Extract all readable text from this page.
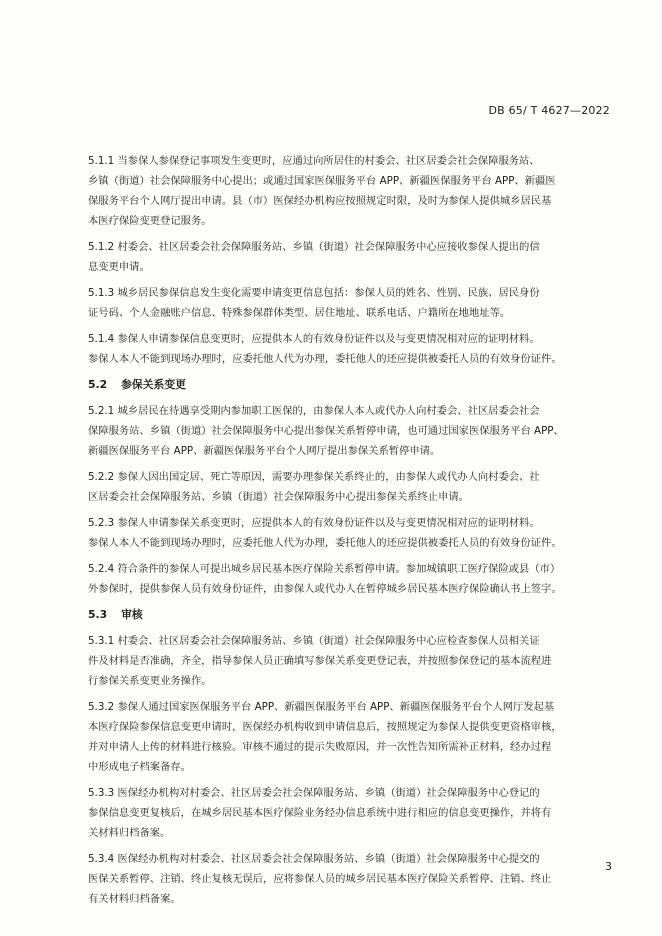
DB 65/ T 4627—2022
5.1.1 当参保人参保登记事项发生变更时，应通过向所居住的村委会、社区居委会社会保障服务站、
乡镇（街道）社会保障服务中心提出；或通过国家医保服务平台 APP、新疆医保服务平台 APP、新疆医
保服务平台个人网厅提出申请。县（市）医保经办机构应按照规定时限，及时为参保人提供城乡居民基
本医疗保险变更登记服务。
5.1.2 村委会、社区居委会社会保障服务站、乡镇（街道）社会保障服务中心应接收参保人提出的信
息变更申请。
5.1.3 城乡居民参保信息发生变化需要申请变更信息包括：参保人员的姓名、性别、民族、居民身份
证号码、个人金融账户信息、特殊参保群体类型、居住地址、联系电话、户籍所在地地址等。
5.1.4 参保人申请参保信息变更时，应提供本人的有效身份证件以及与变更情况相对应的证明材料。
参保人本人不能到现场办理时，应委托他人代为办理，委托他人的还应提供被委托人员的有效身份证件。
5.2 参保关系变更
5.2.1 城乡居民在待遇享受期内参加职工医保的，由参保人本人或代办人向村委会、社区居委会社会
保障服务站、乡镇（街道）社会保障服务中心提出参保关系暂停申请，也可通过国家医保服务平台 APP、
新疆医保服务平台 APP、新疆医保服务平台个人网厅提出参保关系暂停申请。
5.2.2 参保人因出国定居、死亡等原因，需要办理参保关系终止的，由参保人或代办人向村委会、社
区居委会社会保障服务站、乡镇（街道）社会保障服务中心提出参保关系终止申请。
5.2.3 参保人申请参保关系变更时，应提供本人的有效身份证件以及与变更情况相对应的证明材料。
参保人本人不能到现场办理时，应委托他人代为办理，委托他人的还应提供被委托人员的有效身份证件。
5.2.4 符合条件的参保人可提出城乡居民基本医疗保险关系暂停申请。参加城镇职工医疗保险或县（市）
外参保时，提供参保人员有效身份证件，由参保人或代办人在暂停城乡居民基本医疗保险确认书上签字。
5.3 审核
5.3.1 村委会、社区居委会社会保障服务站、乡镇（街道）社会保障服务中心应检查参保人员相关证
件及材料是否准确，齐全，指导参保人员正确填写参保关系变更登记表，并按照参保登记的基本流程进
行参保关系变更业务操作。
5.3.2 参保人通过国家医保服务平台 APP、新疆医保服务平台 APP、新疆医保服务平台个人网厅发起基
本医疗保险参保信息变更申请时，医保经办机构收到申请信息后，按照规定为参保人提供变更资格审核，
并对申请人上传的材料进行核验。审核不通过的提示失败原因，并一次性告知所需补正材料，经办过程
中形成电子档案备存。
5.3.3 医保经办机构对村委会、社区居委会社会保障服务站、乡镇（街道）社会保障服务中心登记的
参保信息变更复核后，在城乡居民基本医疗保险业务经办信息系统中进行相应的信息变更操作，并将有
关材料归档备案。
5.3.4 医保经办机构对村委会、社区居委会社会保障服务站、乡镇（街道）社会保障服务中心提交的
医保关系暂停、注销、终止复核无误后，应将参保人员的城乡居民基本医疗保险关系暂停、注销、终止
有关材料归档备案。
3
